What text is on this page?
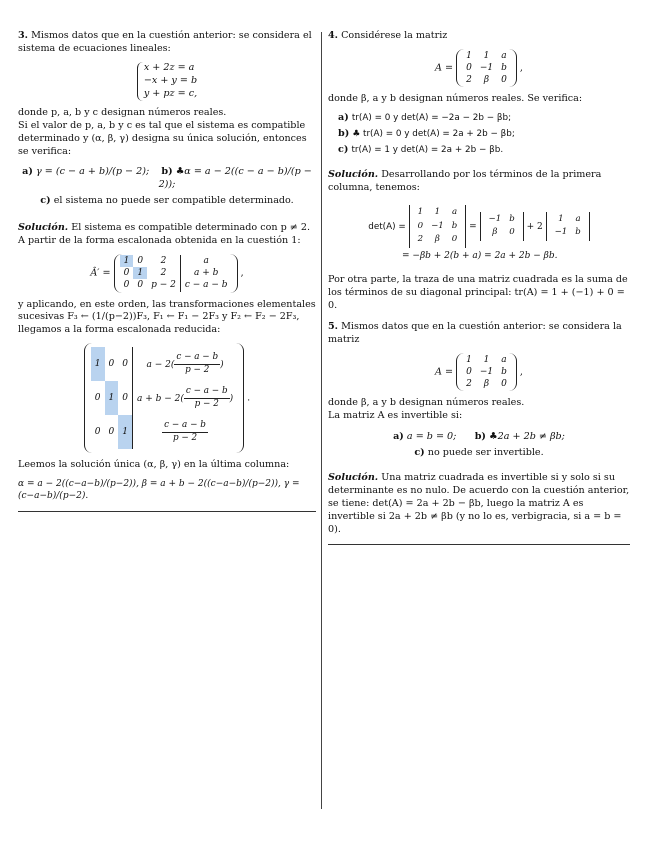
3. Mismos datos que en la cuestión anterior: se considera el sistema de ecuaciones lineales:

x + 2z = a
−x + y = b
y + pz = c,

donde p, a, b y c designan números reales.

Si el valor de p, a, b y c es tal que el sistema es compatible determinado y (α, β, γ) designa su única solución, entonces se verifica:

a) γ = (c − a + b)/(p − 2); b) ♣α = a − 2((c − a − b)/(p − 2));
c) el sistema no puede ser compatible determinado.

Solución. El sistema es compatible determinado con p ≠ 2. A partir de la forma escalonada obtenida en la cuestión 1:

Â′ =
1	0	2	a
0	1	2	a + b
0	0	p − 2	c − a − b
,

y aplicando, en este orden, las transformaciones elementales sucesivas F₃ ← (1/(p−2))F₃, F₁ ← F₁ − 2F₃ y F₂ ← F₂ − 2F₃, llegamos a la forma escalonada reducida:

1	0	0	$a - 2( \frac{c - a - b}{p - 2}$ )
0	1	0	$a + b - 2( \frac{c - a - b}{p - 2}$ )
0	0	1	$\frac{c - a - b}{p - 2}$
.

Leemos la solución única (α, β, γ) en la última columna:

α = a − 2((c−a−b)/(p−2)), β = a + b − 2((c−a−b)/(p−2)), γ = (c−a−b)/(p−2).

4. Considérese la matriz

A =
1	1	a
0	−1	b
2	β	0
,

donde β, a y b designan números reales. Se verifica:

a) tr(A) = 0 y det(A) = −2a − 2b − βb;
b) ♣ tr(A) = 0 y det(A) = 2a + 2b − βb;
c) tr(A) = 1 y det(A) = 2a + 2b − βb.

Solución. Desarrollando por los términos de la primera columna, tenemos:

det(A) =
1	1	a
0	−1	b
2	β	0
=
−1	b
β	0
+ 2
1	a
−1	b

= −βb + 2(b + a) = 2a + 2b − βb.

Por otra parte, la traza de una matriz cuadrada es la suma de los términos de su diagonal principal: tr(A) = 1 + (−1) + 0 = 0.

5. Mismos datos que en la cuestión anterior: se considera la matriz

A =
1	1	a
0	−1	b
2	β	0
,

donde β, a y b designan números reales.

La matriz A es invertible si:

a) a = b = 0; b) ♣2a + 2b ≠ βb;
c) no puede ser invertible.

Solución. Una matriz cuadrada es invertible si y solo si su determinante es no nulo. De acuerdo con la cuestión anterior, se tiene: det(A) = 2a + 2b − βb, luego la matriz A es invertible si 2a + 2b ≠ βb (y no lo es, verbigracia, si a = b = 0).
